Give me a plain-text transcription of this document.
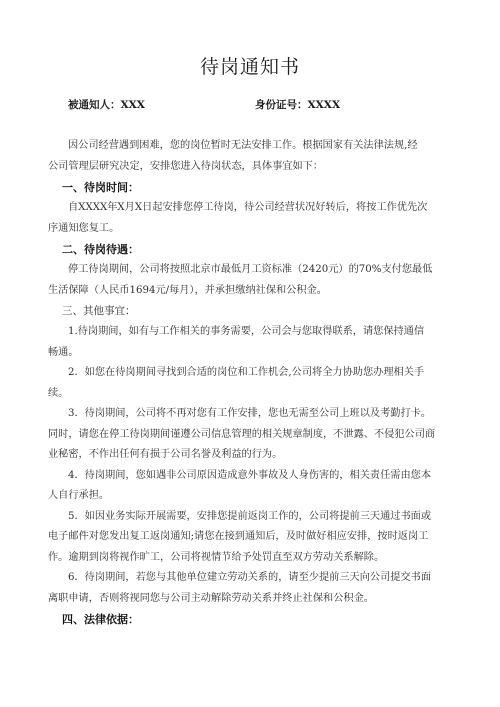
待岗通知书
被通知人：XXX	身份证号：XXXX

因公司经营遇到困难，您的岗位暂时无法安排工作。根据国家有关法律法规,经

公司管理层研究决定，安排您进入待岗状态，具体事宜如下：

一、待岗时间：

自XXXX年X月X日起安排您停工待岗，待公司经营状况好转后，将按工作优先次

序通知您复工。

二、待岗待遇：

停工待岗期间，公司将按照北京市最低月工资标准（2420元）的70%支付您最低

生活保障（人民币1694元/每月），并承担缴纳社保和公积金。

三、其他事宜：

1.待岗期间，如有与工作相关的事务需要，公司会与您取得联系，请您保持通信

畅通。

2．如您在待岗期间寻找到合适的岗位和工作机会,公司将全力协助您办理相关手

续。

3．待岗期间，公司将不再对您有工作安排，您也无需至公司上班以及考勤打卡。

同时，请您在停工待岗期间谨遵公司信息管理的相关规章制度，不泄露、不侵犯公司商

业秘密，不作出任何有损于公司名誉及利益的行为。

4．待岗期间，您如遇非公司原因造成意外事故及人身伤害的，相关责任需由您本

人自行承担。

5．如因业务实际开展需要，安排您提前返岗工作的，公司将提前三天通过书面或

电子邮件对您发出复工返岗通知;请您在接到通知后，及时做好相应安排，按时返岗工

作。逾期到岗将视作旷工，公司将视情节给予处罚直至双方劳动关系解除。

6．待岗期间，若您与其他单位建立劳动关系的，请至少提前三天向公司提交书面

离职申请，否则将视同您与公司主动解除劳动关系并终止社保和公积金。

四、法律依据：
